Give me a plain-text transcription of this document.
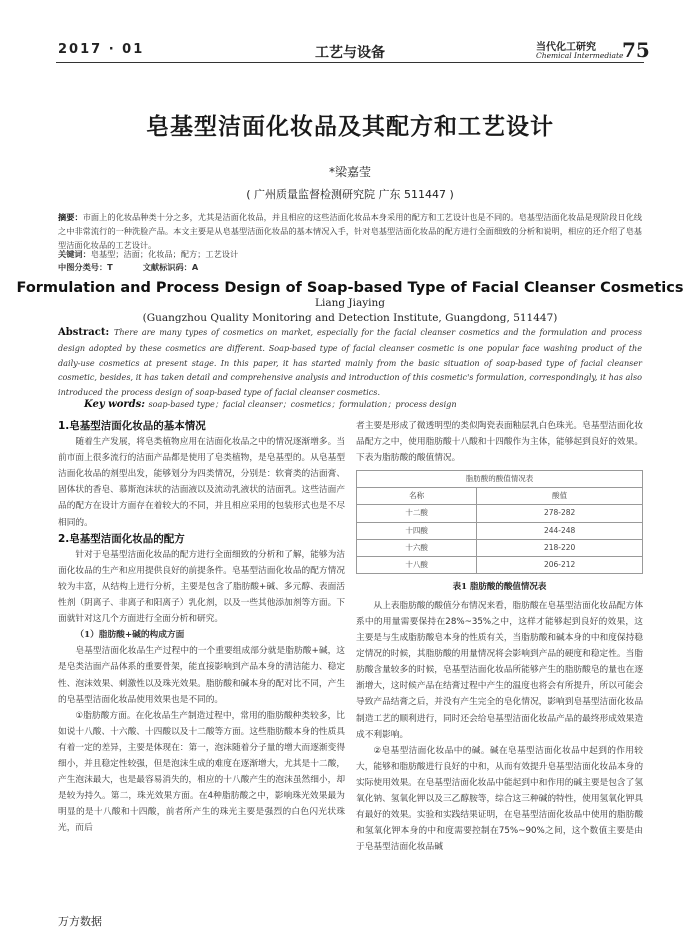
2017 · 01	工艺与设备	当代化工研究
Chemical Intermediate
75
皂基型洁面化妆品及其配方和工艺设计
*梁嘉莹
( 广州质量监督检测研究院 广东 511447 )
摘要：市面上的化妆品种类十分之多，尤其是洁面化妆品，并且相应的这些洁面化妆品本身采用的配方和工艺设计也是不同的。皂基型洁面化妆品是现阶段日化线之中非常流行的一种洗脸产品。本文主要是从皂基型洁面化妆品的基本情况入手，针对皂基型洁面化妆品的配方进行全面细致的分析和说明，相应的还介绍了皂基型洁面化妆品的工艺设计。
关键词：皂基型；洁面；化妆品；配方；工艺设计
中图分类号：T	文献标识码：A
Formulation and Process Design of Soap-based Type of Facial Cleanser Cosmetics
Liang Jiaying
(Guangzhou Quality Monitoring and Detection Institute, Guangdong, 511447)
Abstract: There are many types of cosmetics on market, especially for the facial cleanser cosmetics and the formulation and process design adopted by these cosmetics are different. Soap-based type of facial cleanser cosmetic is one popular face washing product of the daily-use cosmetics at present stage. In this paper, it has started mainly from the basic situation of soap-based type of facial cleanser cosmetic, besides, it has taken detail and comprehensive analysis and introduction of this cosmetic's formulation, correspondingly, it has also introduced the process design of soap-based type of facial cleanser cosmetics.
Key words: soap-based type；facial cleanser；cosmetics；formulation；process design
1.皂基型洁面化妆品的基本情况

随着生产发展，将皂类植物应用在洁面化妆品之中的情况逐渐增多。当前市面上很多流行的洁面产品都是使用了皂类植物，是皂基型的。从皂基型洁面化妆品的剂型出发，能够划分为四类情况，分别是：软膏类的洁面膏、固体状的香皂、慕斯泡沫状的洁面液以及流动乳液状的洁面乳。这些洁面产品的配方在设计方面存在着较大的不同，并且相应采用的包装形式也是不尽相同的。

2.皂基型洁面化妆品的配方

针对于皂基型洁面化妆品的配方进行全面细致的分析和了解，能够为洁面化妆品的生产和应用提供良好的前提条件。皂基型洁面化妆品的配方情况较为丰富，从结构上进行分析，主要是包含了脂肪酸+碱、多元醇、表面活性剂（阴离子、非离子和阳离子）乳化剂，以及一些其他添加剂等方面。下面就针对这几个方面进行全面分析和研究。

（1）脂肪酸+碱的构成方面

皂基型洁面化妆品生产过程中的一个重要组成部分就是脂肪酸+碱，这是皂类洁面产品体系的重要骨架，能直接影响到产品本身的清洁能力、稳定性、泡沫效果、刺激性以及珠光效果。脂肪酸和碱本身的配对比不同，产生的皂基型洁面化妆品使用效果也是不同的。

①脂肪酸方面。在化妆品生产制造过程中，常用的脂肪酸种类较多，比如说十八酸、十六酸、十四酸以及十二酸等方面。这些脂肪酸本身的性质具有着一定的差异，主要是体现在：第一，泡沫随着分子量的增大而逐渐变得细小，并且稳定性较强，但是泡沫生成的难度在逐渐增大，尤其是十二酸，产生泡沫最大，也是最容易消失的，相应的十八酸产生的泡沫虽然细小，却是较为持久。第二，珠光效果方面。在4种脂肪酸之中，影响珠光效果最为明显的是十八酸和十四酸，前者所产生的珠光主要是强烈的白色闪光状珠光，而后

者主要是形成了微透明型的类似陶瓷表面釉层乳白色珠光。皂基型洁面化妆品配方之中，使用脂肪酸十八酸和十四酸作为主体，能够起到良好的效果。下表为脂肪酸的酸值情况。

脂肪酸的酸值情况表	
名称	酸值
十二酸	278-282
十四酸	244-248
十六酸	218-220
十八酸	206-212
表1 脂肪酸的酸值情况表

从上表脂肪酸的酸值分布情况来看，脂肪酸在皂基型洁面化妆品配方体系中的用量需要保持在28%~35%之中，这样才能够起到良好的效果，这主要是与生成脂肪酸皂本身的性质有关，当脂肪酸和碱本身的中和度保持稳定情况的时候，其脂肪酸的用量情况将会影响到产品的硬度和稳定性。当脂肪酸含量较多的时候，皂基型洁面化妆品所能够产生的脂肪酸皂的量也在逐渐增大，这时候产品在结膏过程中产生的温度也将会有所提升，所以可能会导致产品结膏之后，并没有产生完全的皂化情况，影响到皂基型洁面化妆品制造工艺的顺利进行，同时还会给皂基型洁面化妆品产品的最终形成效果造成不利影响。

②皂基型洁面化妆品中的碱。碱在皂基型洁面化妆品中起到的作用较大，能够和脂肪酸进行良好的中和，从而有效提升皂基型洁面化妆品本身的实际使用效果。在皂基型洁面化妆品中能起到中和作用的碱主要是包含了氢氧化钠、氢氧化钾以及三乙醇胺等，综合这三种碱的特性，使用氢氧化钾具有最好的效果。实验和实践结果证明，在皂基型洁面化妆品中使用的脂肪酸和氢氧化钾本身的中和度需要控制在75%~90%之间，这个数值主要是由于皂基型洁面化妆品碱

万方数据
